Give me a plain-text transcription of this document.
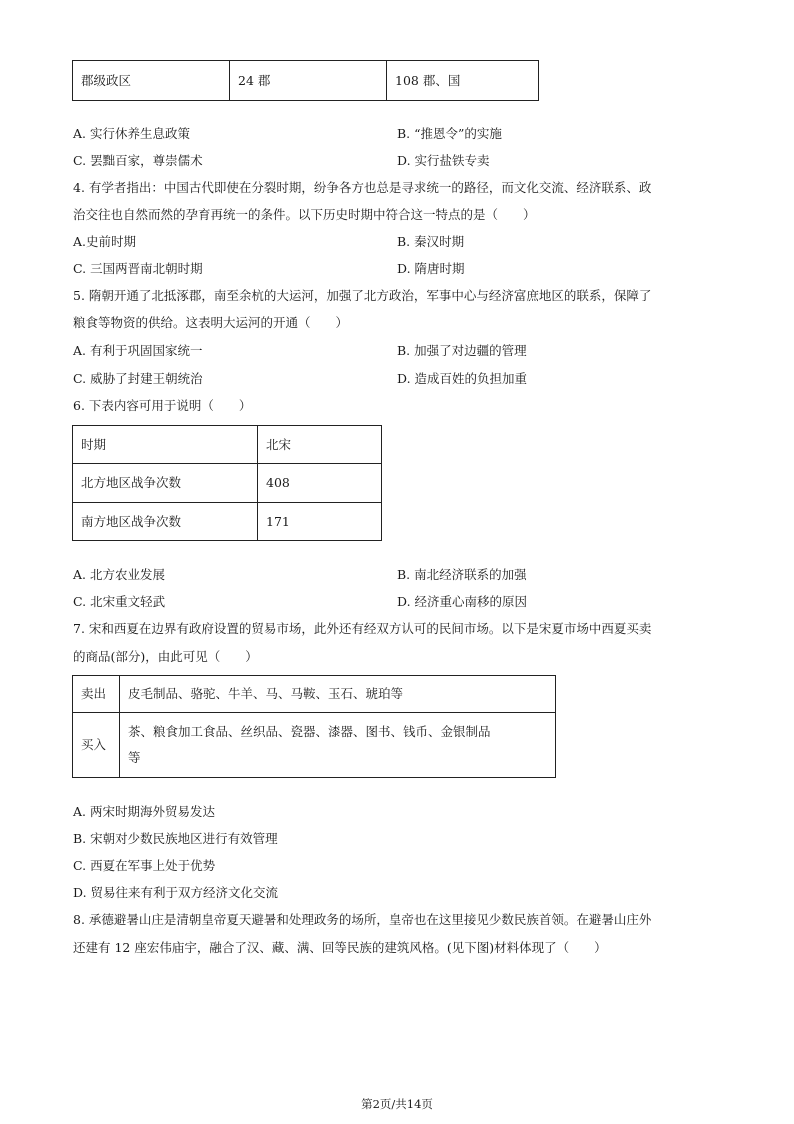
郡级政区	24 郡	108 郡、国
A. 实行休养生息政策	B. “推恩令”的实施
C. 罢黜百家，尊崇儒术	D. 实行盐铁专卖
4. 有学者指出：中国古代即使在分裂时期，纷争各方也总是寻求统一的路径，而文化交流、经济联系、政
治交往也自然而然的孕育再统一的条件。以下历史时期中符合这一特点的是（　　）
A.史前时期	B. 秦汉时期
C. 三国两晋南北朝时期	D. 隋唐时期
5. 隋朝开通了北抵涿郡，南至余杭的大运河，加强了北方政治，军事中心与经济富庶地区的联系，保障了
粮食等物资的供给。这表明大运河的开通（　　）
A. 有利于巩固国家统一	B. 加强了对边疆的管理
C. 威胁了封建王朝统治	D. 造成百姓的负担加重
6. 下表内容可用于说明（　　）
时期	北宋
北方地区战争次数	408
南方地区战争次数	171
A. 北方农业发展	B. 南北经济联系的加强
C. 北宋重文轻武	D. 经济重心南移的原因
7. 宋和西夏在边界有政府设置的贸易市场，此外还有经双方认可的民间市场。以下是宋夏市场中西夏买卖
的商品(部分)，由此可见（　　）
卖出	皮毛制品、骆驼、牛羊、马、马鞍、玉石、琥珀等
买入	茶、粮食加工食品、丝织品、瓷器、漆器、图书、钱币、金银制品
等
A. 两宋时期海外贸易发达
B. 宋朝对少数民族地区进行有效管理
C. 西夏在军事上处于优势
D. 贸易往来有利于双方经济文化交流
8. 承德避暑山庄是清朝皇帝夏天避暑和处理政务的场所，皇帝也在这里接见少数民族首领。在避暑山庄外
还建有 12 座宏伟庙宇，融合了汉、藏、满、回等民族的建筑风格。(见下图)材料体现了（　　）
第2页/共14页
